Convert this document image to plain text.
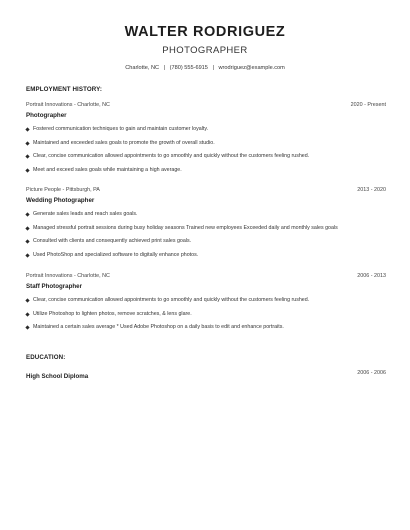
WALTER RODRIGUEZ
PHOTOGRAPHER
Charlotte, NC | (780) 555-6915 | wrodriguez@example.com
EMPLOYMENT HISTORY:
Portrait Innovations - Charlotte, NC	2020 - Present
Photographer
Fostered communication techniques to gain and maintain customer loyalty.
Maintained and exceeded sales goals to promote the growth of overall studio.
Clear, concise communication allowed appointments to go smoothly and quickly without the customers feeling rushed.
Meet and exceed sales goals while maintaining a high average.
Picture People - Pittsburgh, PA	2013 - 2020
Wedding Photographer
Generate sales leads and reach sales goals.
Managed stressful portrait sessions during busy holiday seasons Trained new employees Exceeded daily and monthly sales goals
Consulted with clients and consequently achieved print sales goals.
Used PhotoShop and specialized software to digitally enhance photos.
Portrait Innovations - Charlotte, NC	2006 - 2013
Staff Photographer
Clear, concise communication allowed appointments to go smoothly and quickly without the customers feeling rushed.
Utilize Photoshop to lighten photos, remove scratches, & lens glare.
Maintained a certain sales average * Used Adobe Photoshop on a daily basis to edit and enhance portraits.
EDUCATION:
High School Diploma	2006 - 2006
